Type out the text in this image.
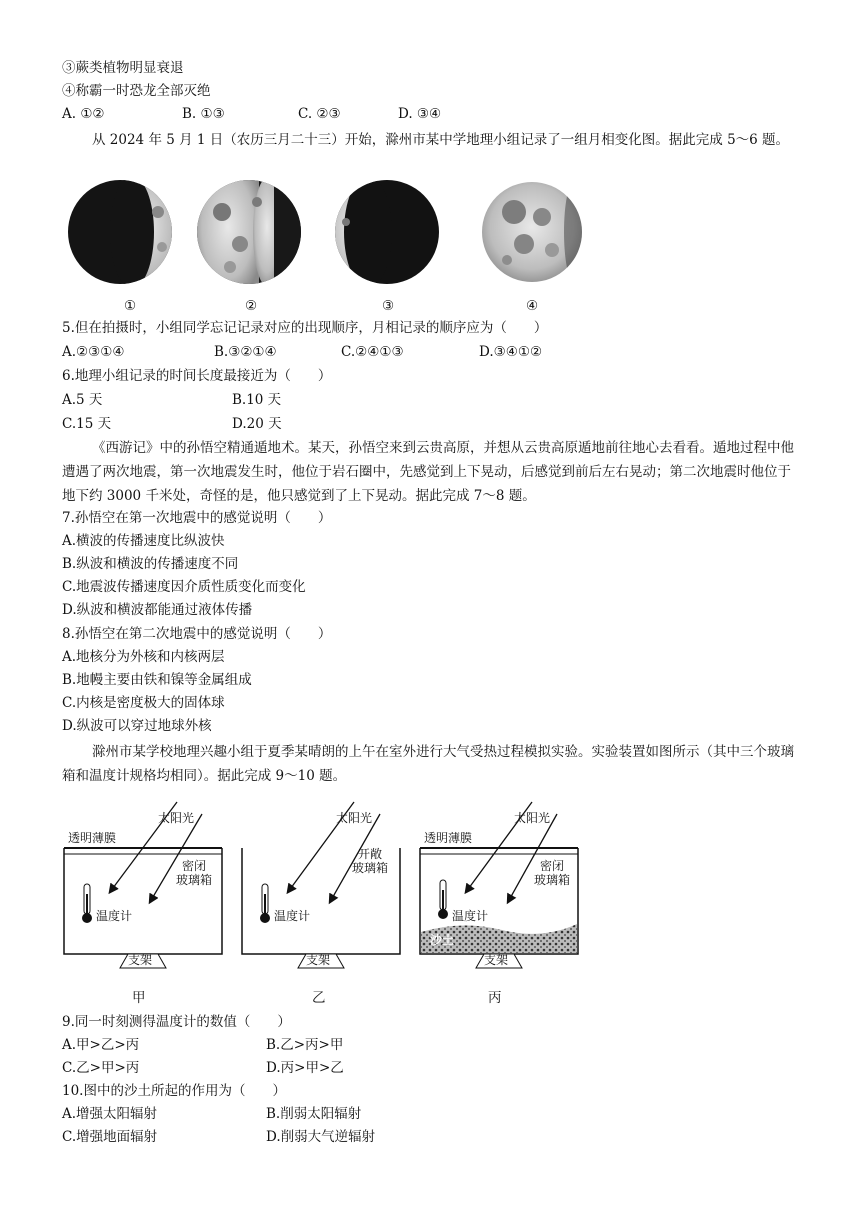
③蕨类植物明显衰退
④称霸一时恐龙全部灭绝
A. ①②	B. ①③	C. ②③	D. ③④
从 2024 年 5 月 1 日（农历三月二十三）开始，滁州市某中学地理小组记录了一组月相变化图。据此完成 5～6 题。
①	②	③	④
5.但在拍摄时，小组同学忘记记录对应的出现顺序，月相记录的顺序应为（　　）
A.②③①④	B.③②①④	C.②④①③	D.③④①②
6.地理小组记录的时间长度最接近为（　　）
A.5 天	B.10 天
C.15 天	D.20 天
《西游记》中的孙悟空精通遁地术。某天，孙悟空来到云贵高原，并想从云贵高原遁地前往地心去看看。遁地过程中他遭遇了两次地震，第一次地震发生时，他位于岩石圈中，先感觉到上下晃动，后感觉到前后左右晃动；第二次地震时他位于地下约 3000 千米处，奇怪的是，他只感觉到了上下晃动。据此完成 7～8 题。
7.孙悟空在第一次地震中的感觉说明（　　）
A.横波的传播速度比纵波快
B.纵波和横波的传播速度不同
C.地震波传播速度因介质性质变化而变化
D.纵波和横波都能通过液体传播
8.孙悟空在第二次地震中的感觉说明（　　）
A.地核分为外核和内核两层
B.地幔主要由铁和镍等金属组成
C.内核是密度极大的固体球
D.纵波可以穿过地球外核
滁州市某学校地理兴趣小组于夏季某晴朗的上午在室外进行大气受热过程模拟实验。实验装置如图所示（其中三个玻璃箱和温度计规格均相同）。据此完成 9～10 题。
透明薄膜
太阳光
密闭
玻璃箱
温度计
支架
太阳光
开敞
玻璃箱
温度计
支架
透明薄膜
太阳光
密闭
玻璃箱
温度计
沙土
支架
甲	乙	丙
9.同一时刻测得温度计的数值（　　）
A.甲>乙>丙	B.乙>丙>甲
C.乙>甲>丙	D.丙>甲>乙
10.图中的沙土所起的作用为（　　）
A.增强太阳辐射	B.削弱太阳辐射
C.增强地面辐射	D.削弱大气逆辐射
